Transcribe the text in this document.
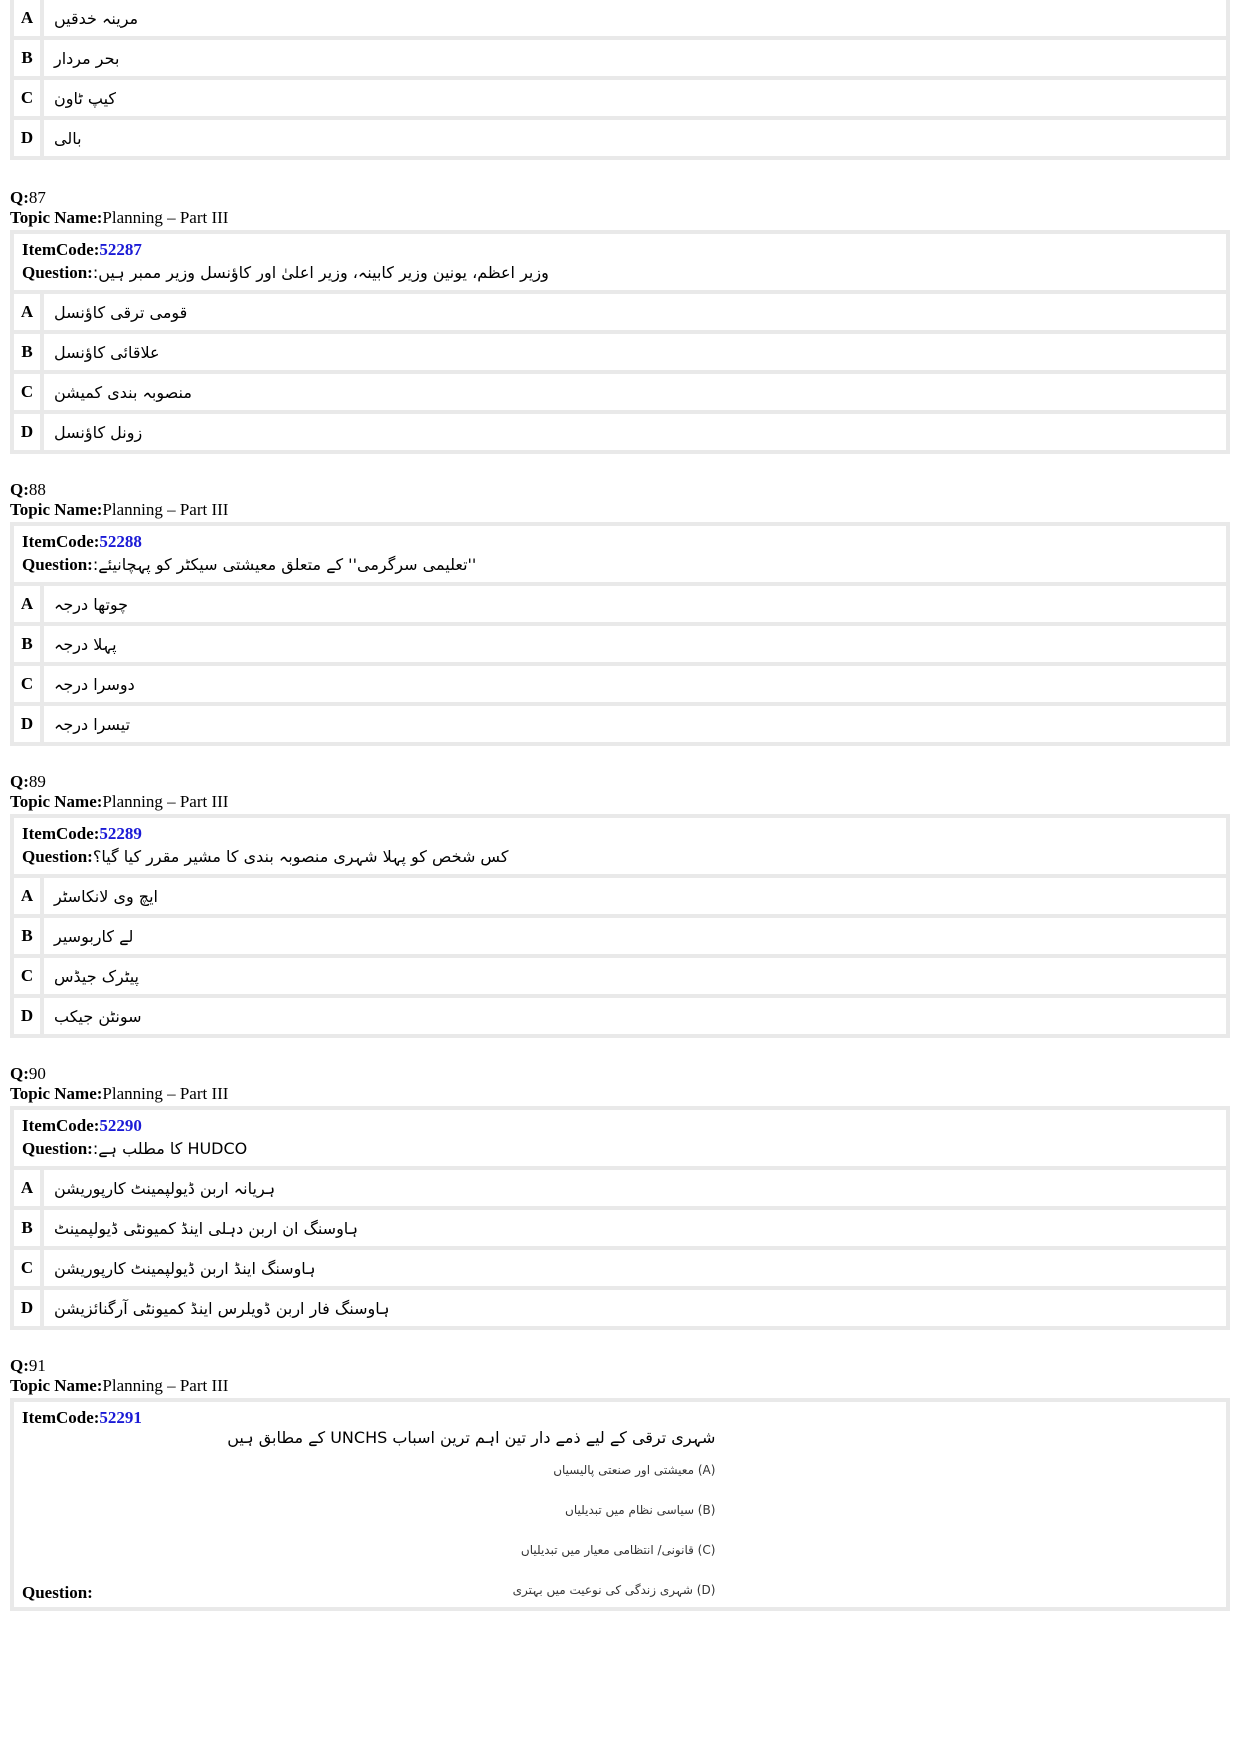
A	مرینہ خدقیں
B	بحر مردار
C	کیپ ٹاون
D	بالی
Q:87
Topic Name:Planning – Part III
ItemCode:52287
Question: وزیر اعظم، یونین وزیر کابینہ، وزیر اعلیٰ اور کاؤنسل وزیر ممبر ہیں:
A	قومی ترقی کاؤنسل
B	علاقائی کاؤنسل
C	منصوبہ بندی کمیشن
D	زونل کاؤنسل
Q:88
Topic Name:Planning – Part III
ItemCode:52288
Question: ''تعلیمی سرگرمی'' کے متعلق معیشتی سیکٹر کو پہچانیئے:
A	چوتھا درجہ
B	پہلا درجہ
C	دوسرا درجہ
D	تیسرا درجہ
Q:89
Topic Name:Planning – Part III
ItemCode:52289
Question: کس شخص کو پہلا شہری منصوبہ بندی کا مشیر مقرر کیا گیا؟
A	ایچ وی لانکاسٹر
B	لے کاربوسیر
C	پیٹرک جیڈس
D	سونٹن جیکب
Q:90
Topic Name:Planning – Part III
ItemCode:52290
Question: HUDCO کا مطلب ہے:
A	ہریانہ اربن ڈیولپمینٹ کارپوریشن
B	ہاوسنگ ان اربن دہلی اینڈ کمیونٹی ڈیولپمینٹ
C	ہاوسنگ اینڈ اربن ڈیولپمینٹ کارپوریشن
D	ہاوسنگ فار اربن ڈویلرس اینڈ کمیونٹی آرگنائزیشن
Q:91
Topic Name:Planning – Part III
ItemCode:52291
Question:
شہری ترقی کے لیے ذمے دار تین اہم ترین اسباب UNCHS کے مطابق ہیں
(A) معیشتی اور صنعتی پالیسیاں
(B) سیاسی نظام میں تبدیلیاں
(C) قانونی/ انتظامی معیار میں تبدیلیاں
(D) شہری زندگی کی نوعیت میں بہتری
